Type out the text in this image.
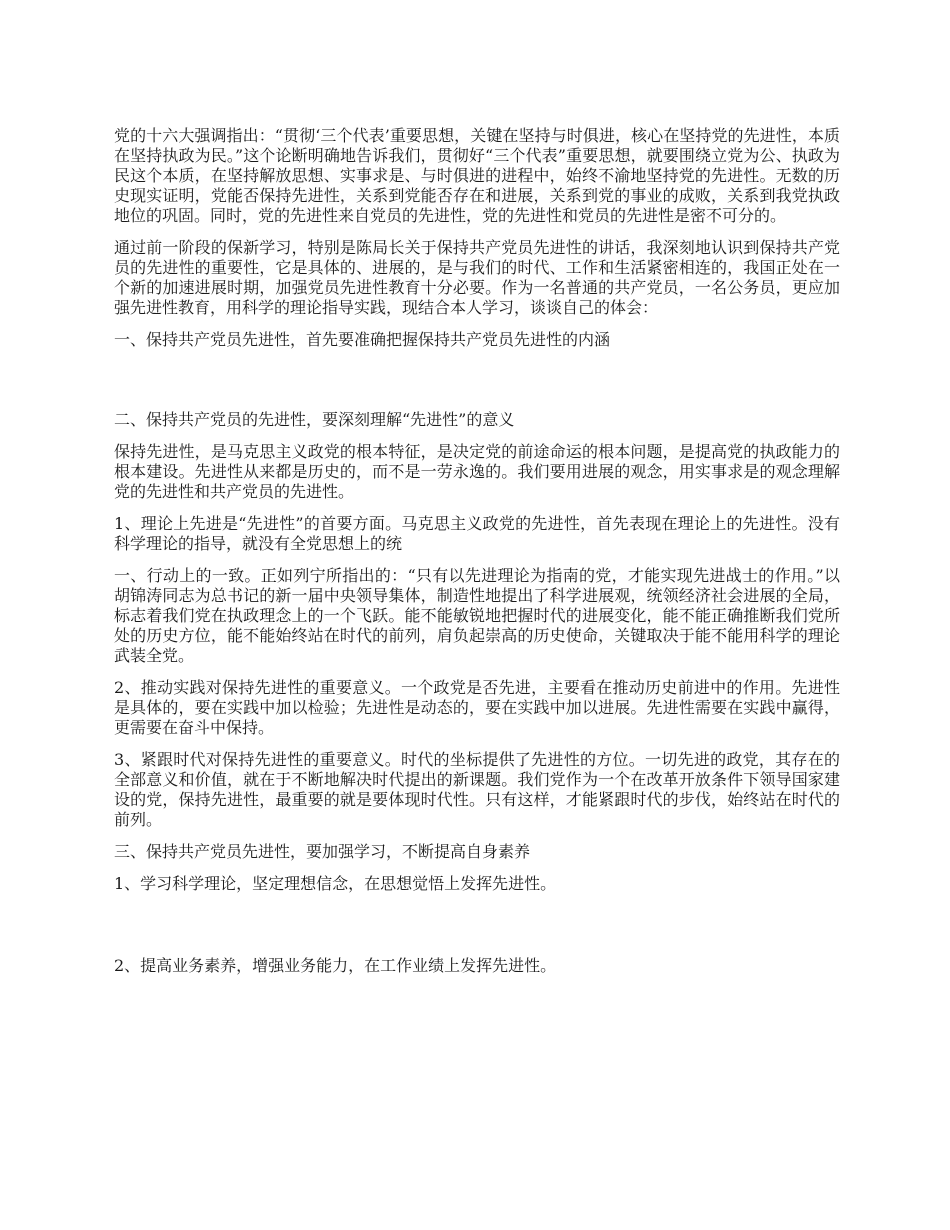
党的十六大强调指出：“贯彻‘三个代表’重要思想，关键在坚持与时俱进，核心在坚持党的先进性，本质在坚持执政为民。”这个论断明确地告诉我们，贯彻好“三个代表”重要思想，就要围绕立党为公、执政为民这个本质，在坚持解放思想、实事求是、与时俱进的进程中，始终不渝地坚持党的先进性。无数的历史现实证明，党能否保持先进性，关系到党能否存在和进展，关系到党的事业的成败，关系到我党执政地位的巩固。同时，党的先进性来自党员的先进性，党的先进性和党员的先进性是密不可分的。

通过前一阶段的保新学习，特别是陈局长关于保持共产党员先进性的讲话，我深刻地认识到保持共产党员的先进性的重要性，它是具体的、进展的，是与我们的时代、工作和生活紧密相连的，我国正处在一个新的加速进展时期，加强党员先进性教育十分必要。作为一名普通的共产党员，一名公务员，更应加强先进性教育，用科学的理论指导实践，现结合本人学习，谈谈自己的体会：

一、保持共产党员先进性，首先要准确把握保持共产党员先进性的内涵

二、保持共产党员的先进性，要深刻理解“先进性”的意义

保持先进性，是马克思主义政党的根本特征，是决定党的前途命运的根本问题，是提高党的执政能力的根本建设。先进性从来都是历史的，而不是一劳永逸的。我们要用进展的观念，用实事求是的观念理解党的先进性和共产党员的先进性。

1、理论上先进是“先进性”的首要方面。马克思主义政党的先进性，首先表现在理论上的先进性。没有科学理论的指导，就没有全党思想上的统

一、行动上的一致。正如列宁所指出的：“只有以先进理论为指南的党，才能实现先进战士的作用。”以胡锦涛同志为总书记的新一届中央领导集体，制造性地提出了科学进展观，统领经济社会进展的全局，标志着我们党在执政理念上的一个飞跃。能不能敏锐地把握时代的进展变化，能不能正确推断我们党所处的历史方位，能不能始终站在时代的前列，肩负起崇高的历史使命，关键取决于能不能用科学的理论武装全党。

2、推动实践对保持先进性的重要意义。一个政党是否先进，主要看在推动历史前进中的作用。先进性是具体的，要在实践中加以检验；先进性是动态的，要在实践中加以进展。先进性需要在实践中赢得，更需要在奋斗中保持。

3、紧跟时代对保持先进性的重要意义。时代的坐标提供了先进性的方位。一切先进的政党，其存在的全部意义和价值，就在于不断地解决时代提出的新课题。我们党作为一个在改革开放条件下领导国家建设的党，保持先进性，最重要的就是要体现时代性。只有这样，才能紧跟时代的步伐，始终站在时代的前列。

三、保持共产党员先进性，要加强学习，不断提高自身素养

1、学习科学理论，坚定理想信念，在思想觉悟上发挥先进性。

2、提高业务素养，增强业务能力，在工作业绩上发挥先进性。
